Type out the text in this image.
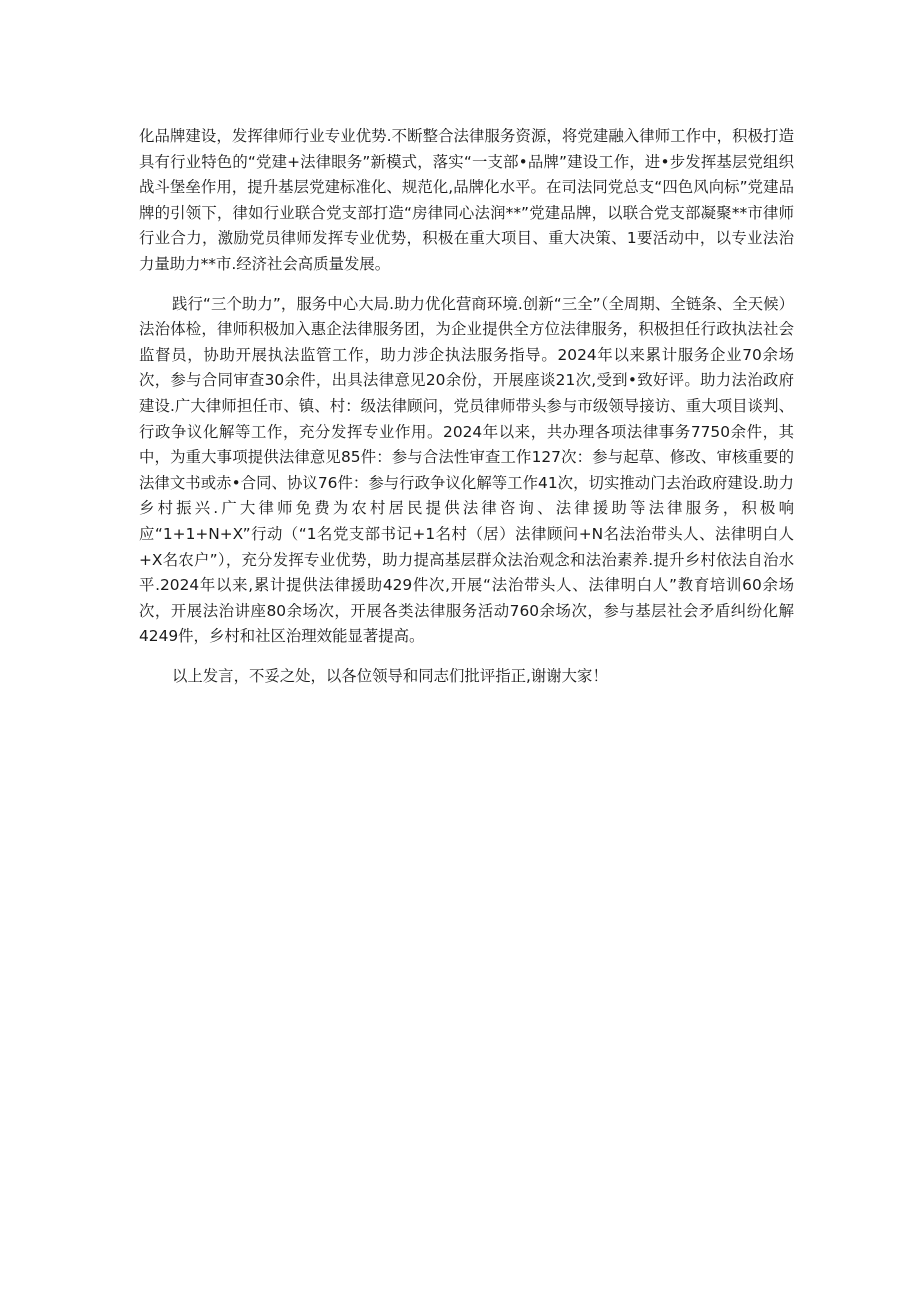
化品牌建设，发挥律师行业专业优势.不断整合法律服务资源，将党建融入律师工作中，积极打造具有行业特色的“党建+法律眼务”新模式，落实“一支部•品牌”建设工作，进•步发挥基层党组织战斗堡垒作用，提升基层党建标准化、规范化,品牌化水平。在司法同党总支“四色风向标”党建品牌的引领下，律如行业联合党支部打造“房律同心法润**”党建品牌，以联合党支部凝聚**市律师行业合力，激励党员律师发挥专业优势，积极在重大项目、重大决策、1要活动中，以专业法治力量助力**市.经济社会高质量发展。

践行“三个助力”，服务中心大局.助力优化营商环境.创新“三全”（全周期、全链条、全天候）法治体检，律师积极加入惠企法律服务团，为企业提供全方位法律服务，积极担任行政执法社会监督员，协助开展执法监管工作，助力涉企执法服务指导。2024年以来累计服务企业70余场次，参与合同审查30余件，出具法律意见20余份，开展座谈21次,受到•致好评。助力法治政府建设.广大律师担任市、镇、村：级法律顾问，党员律师带头参与市级领导接访、重大项目谈判、行政争议化解等工作，充分发挥专业作用。2024年以来，共办理各项法律事务7750余件，其中，为重大事项提供法律意见85件：参与合法性审查工作127次：参与起草、修改、审核重要的法律文书或赤•合同、协议76件：参与行政争议化解等工作41次，切实推动门去治政府建设.助力乡村振兴.广大律师免费为农村居民提供法律咨询、法律援助等法律服务，积极响应“1+1+N+X”行动（“1名党支部书记+1名村（居）法律顾问+N名法治带头人、法律明白人+X名农户”），充分发挥专业优势，助力提高基层群众法治观念和法治素养.提升乡村依法自治水平.2024年以来,累计提供法律援助429件次,开展“法治带头人、法律明白人”教育培训60余场次，开展法治讲座80余场次，开展各类法律服务活动760余场次，参与基层社会矛盾纠纷化解4249件，乡村和社区治理效能显著提高。

以上发言，不妥之处，以各位领导和同志们批评指正,谢谢大家！
